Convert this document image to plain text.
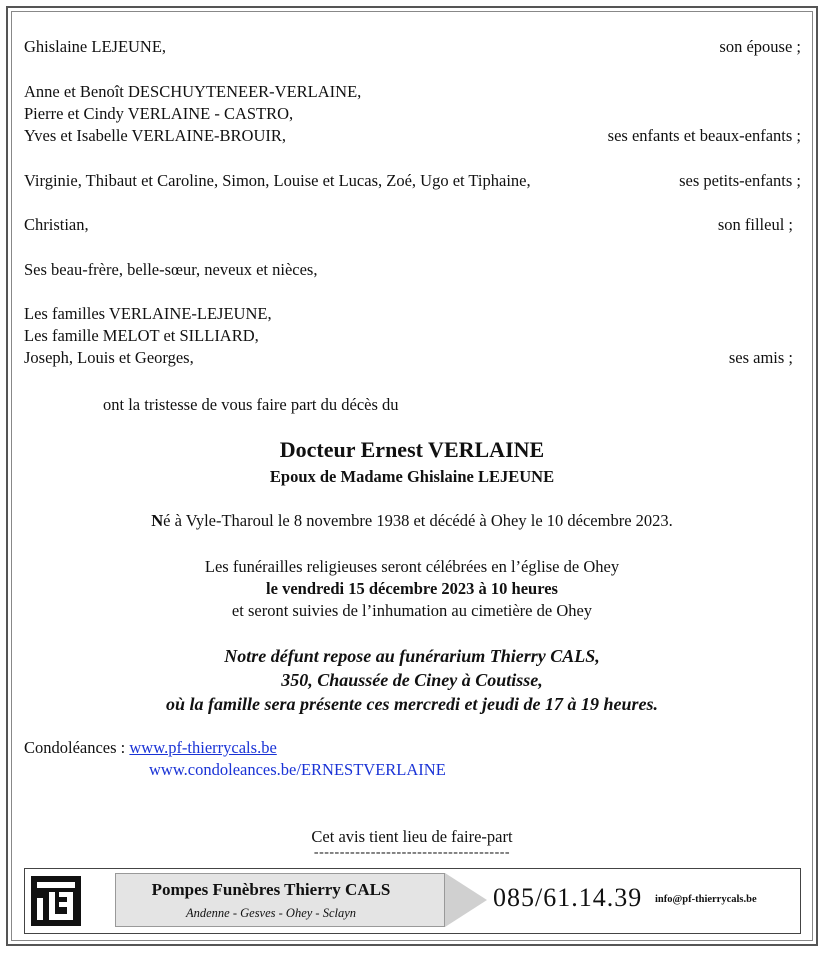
Ghislaine LEJEUNE,	son épouse ;
Anne et Benoît DESCHUYTENEER-VERLAINE,
Pierre et Cindy VERLAINE - CASTRO,
Yves et Isabelle VERLAINE-BROUIR,	ses enfants et beaux-enfants ;
Virginie, Thibaut et Caroline, Simon, Louise et Lucas, Zoé, Ugo et Tiphaine,	ses petits-enfants ;
Christian,	son filleul ;
Ses beau-frère, belle-sœur, neveux et nièces,
Les familles VERLAINE-LEJEUNE,
Les famille MELOT et SILLIARD,
Joseph, Louis et Georges,	ses amis ;
ont la tristesse de vous faire part du décès du
Docteur Ernest VERLAINE
Epoux de Madame Ghislaine LEJEUNE
Né à Vyle-Tharoul le 8 novembre 1938 et décédé à Ohey le 10 décembre 2023.
Les funérailles religieuses seront célébrées en l’église de Ohey
le vendredi 15 décembre 2023 à 10 heures
et seront suivies de l’inhumation au cimetière de Ohey
Notre défunt repose au funérarium Thierry CALS,
350, Chaussée de Ciney à Coutisse,
où la famille sera présente ces mercredi et jeudi de 17 à 19 heures.
Condoléances : www.pf-thierrycals.be
www.condoleances.be/ERNESTVERLAINE
Cet avis tient lieu de faire-part
--------------------------------------
Pompes Funèbres Thierry CALS
Andenne - Gesves - Ohey - Sclayn
085/61.14.39 info@pf-thierrycals.be
